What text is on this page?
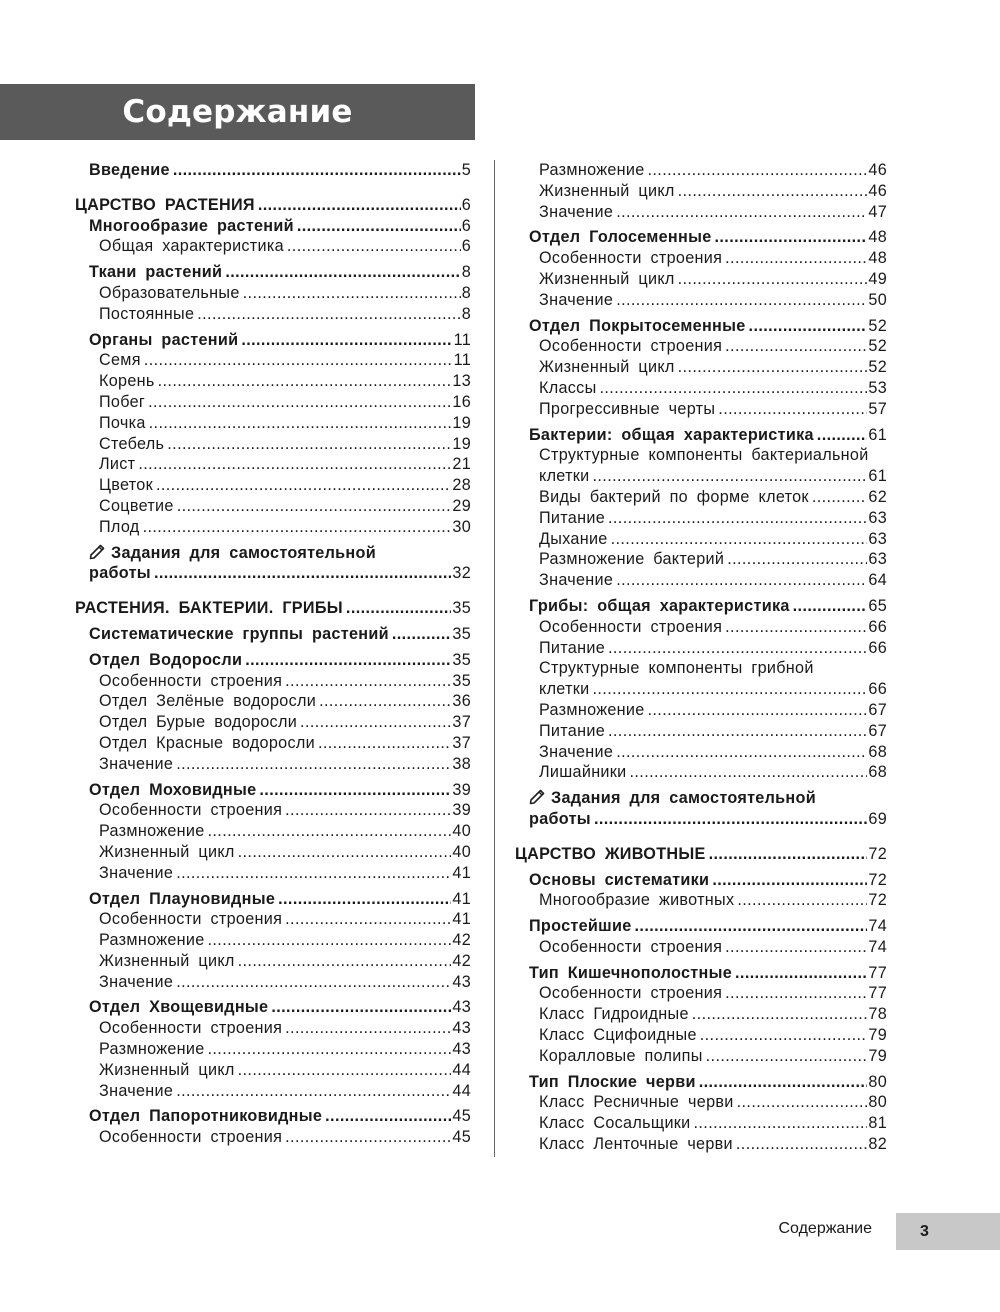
Содержание
Введение .....	5
ЦАРСТВО РАСТЕНИЯ .....	6
Многообразие растений .....	6
Общая характеристика .....	6
Ткани растений .....	8
Образовательные .....	8
Постоянные .....	8
Органы растений .....	11
Семя .....	11
Корень .....	13
Побег .....	16
Почка .....	19
Стебель .....	19
Лист .....	21
Цветок .....	28
Соцветие .....	29
Плод .....	30
Задания для самостоятельной
работы .....	32
РАСТЕНИЯ. БАКТЕРИИ. ГРИБЫ .....	35
Систематические группы растений .....	35
Отдел Водоросли .....	35
Особенности строения .....	35
Отдел Зелёные водоросли .....	36
Отдел Бурые водоросли .....	37
Отдел Красные водоросли .....	37
Значение .....	38
Отдел Моховидные .....	39
Особенности строения .....	39
Размножение .....	40
Жизненный цикл .....	40
Значение .....	41
Отдел Плауновидные .....	41
Особенности строения .....	41
Размножение .....	42
Жизненный цикл .....	42
Значение .....	43
Отдел Хвощевидные .....	43
Особенности строения .....	43
Размножение .....	43
Жизненный цикл .....	44
Значение .....	44
Отдел Папоротниковидные .....	45
Особенности строения .....	45
Размножение .....	46
Жизненный цикл .....	46
Значение .....	47
Отдел Голосеменные .....	48
Особенности строения .....	48
Жизненный цикл .....	49
Значение .....	50
Отдел Покрытосеменные .....	52
Особенности строения .....	52
Жизненный цикл .....	52
Классы .....	53
Прогрессивные черты .....	57
Бактерии: общая характеристика .....	61
Структурные компоненты бактериальной
клетки .....	61
Виды бактерий по форме клеток .....	62
Питание .....	63
Дыхание .....	63
Размножение бактерий .....	63
Значение .....	64
Грибы: общая характеристика .....	65
Особенности строения .....	66
Питание .....	66
Структурные компоненты грибной
клетки .....	66
Размножение .....	67
Питание .....	67
Значение .....	68
Лишайники .....	68
Задания для самостоятельной
работы .....	69
ЦАРСТВО ЖИВОТНЫЕ .....	72
Основы систематики .....	72
Многообразие животных .....	72
Простейшие .....	74
Особенности строения .....	74
Тип Кишечнополостные .....	77
Особенности строения .....	77
Класс Гидроидные .....	78
Класс Сцифоидные .....	79
Коралловые полипы .....	79
Тип Плоские черви .....	80
Класс Ресничные черви .....	80
Класс Сосальщики .....	81
Класс Ленточные черви .....	82
Содержание	3
